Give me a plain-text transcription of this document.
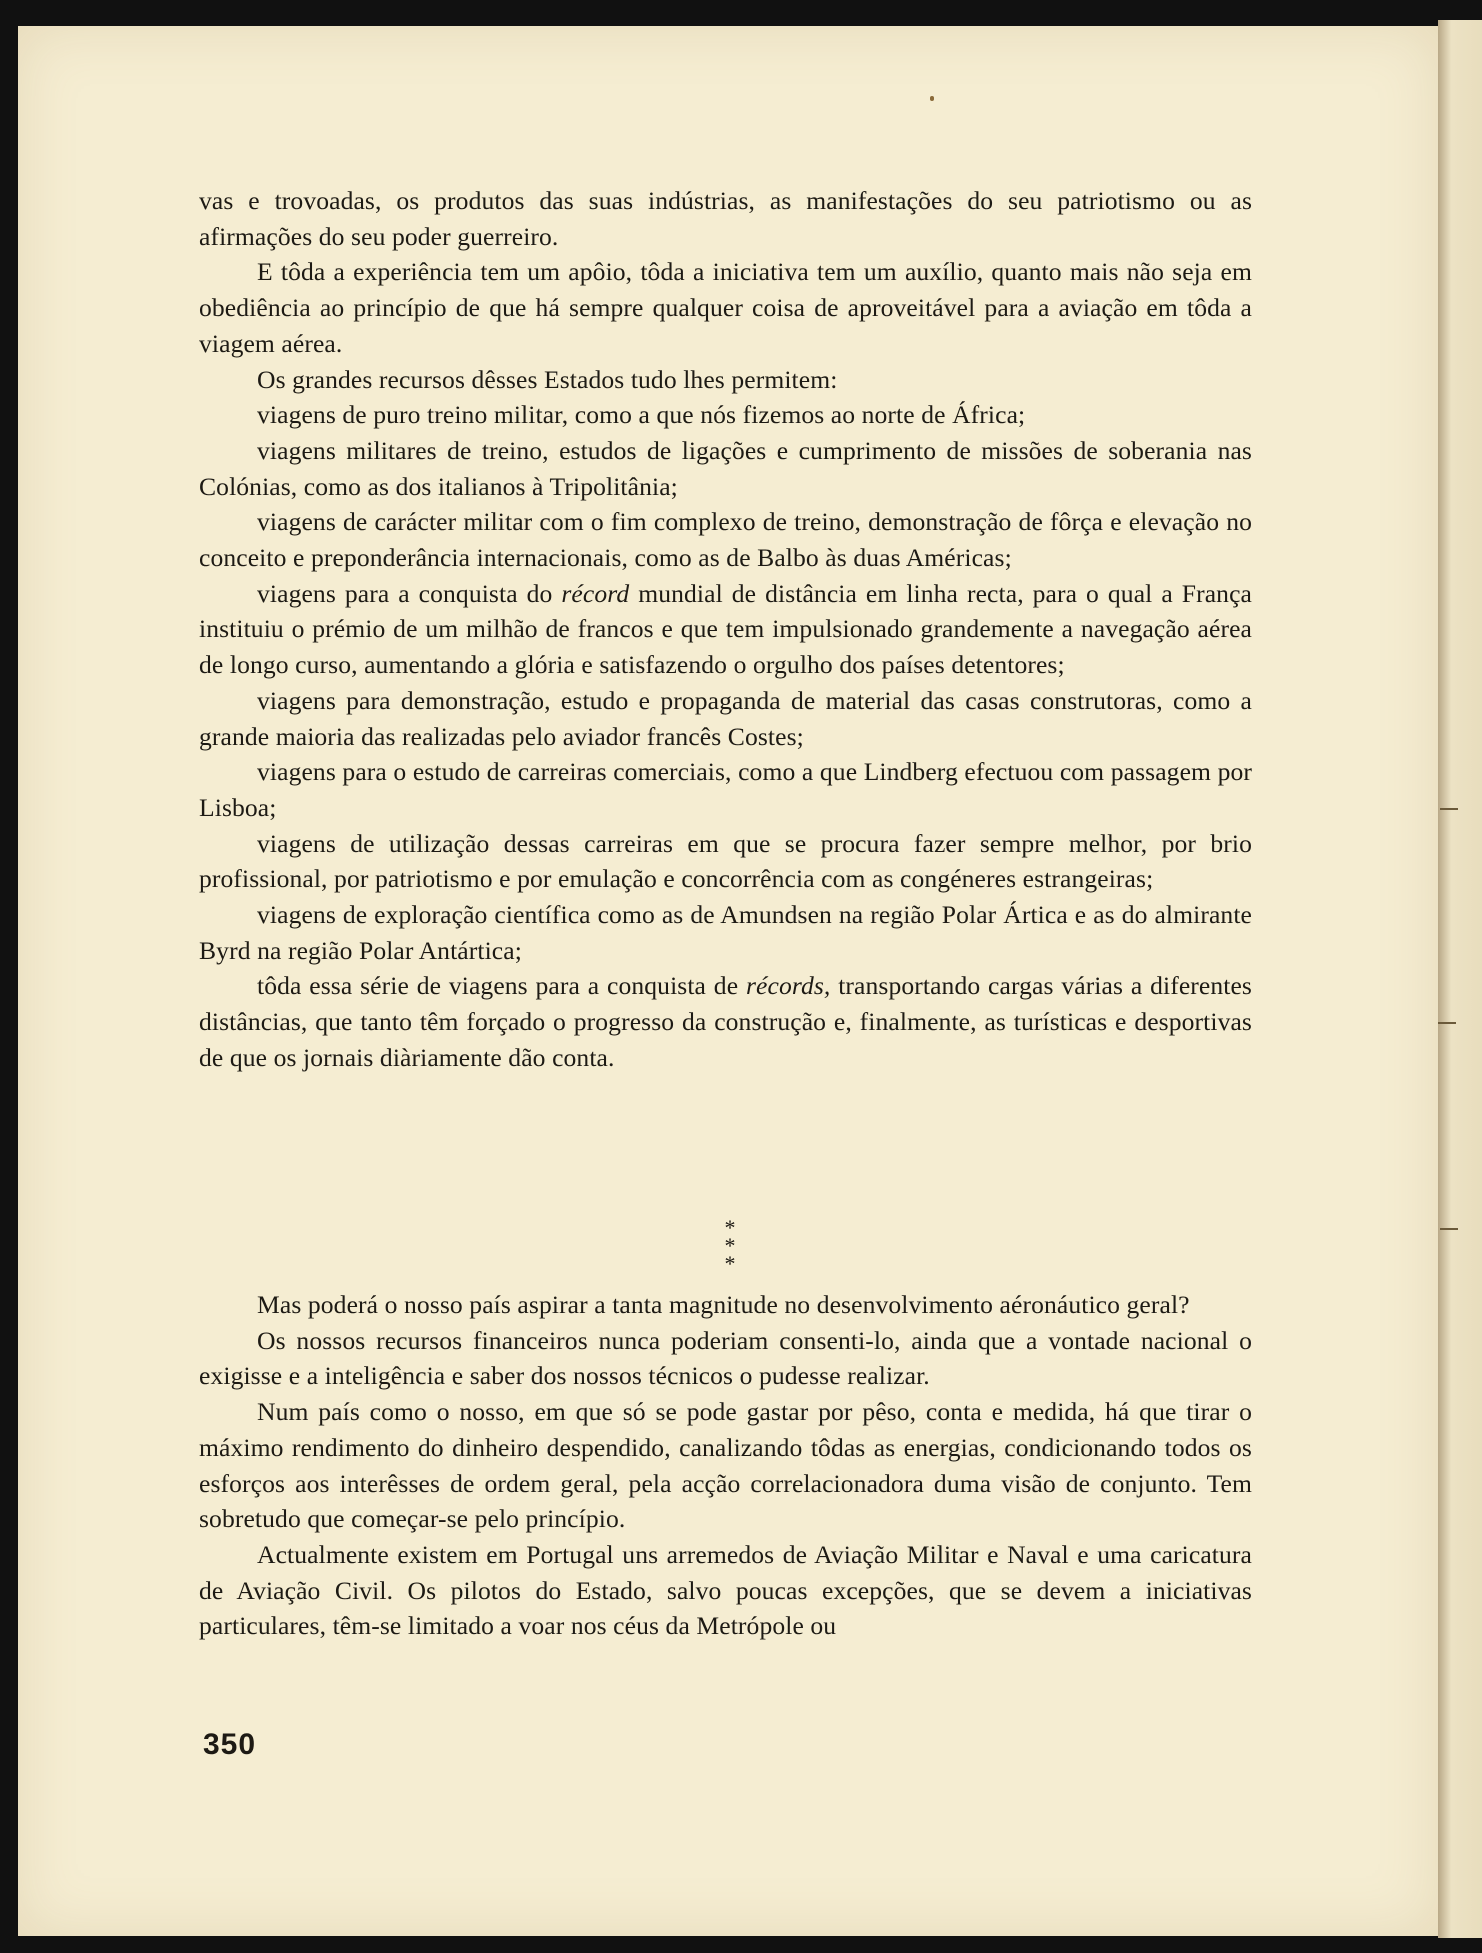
vas e trovoadas, os produtos das suas indústrias, as manifestações do seu patriotismo ou as afirmações do seu poder guerreiro.

E tôda a experiência tem um apôio, tôda a iniciativa tem um auxílio, quanto mais não seja em obediência ao princípio de que há sempre qualquer coisa de aproveitável para a aviação em tôda a viagem aérea.

Os grandes recursos dêsses Estados tudo lhes permitem:

viagens de puro treino militar, como a que nós fizemos ao norte de África;

viagens militares de treino, estudos de ligações e cumprimento de missões de soberania nas Colónias, como as dos italianos à Tripolitânia;

viagens de carácter militar com o fim complexo de treino, demonstração de fôrça e elevação no conceito e preponderância internacionais, como as de Balbo às duas Américas;

viagens para a conquista do récord mundial de distância em linha recta, para o qual a França instituiu o prémio de um milhão de francos e que tem impulsionado grandemente a navegação aérea de longo curso, aumentando a glória e satisfazendo o orgulho dos países detentores;

viagens para demonstração, estudo e propaganda de material das casas construtoras, como a grande maioria das realizadas pelo aviador francês Costes;

viagens para o estudo de carreiras comerciais, como a que Lindberg efectuou com passagem por Lisboa;

viagens de utilização dessas carreiras em que se procura fazer sempre melhor, por brio profissional, por patriotismo e por emulação e concorrência com as congéneres estrangeiras;

viagens de exploração científica como as de Amundsen na região Polar Ártica e as do almirante Byrd na região Polar Antártica;

tôda essa série de viagens para a conquista de récords, transportando cargas várias a diferentes distâncias, que tanto têm forçado o progresso da construção e, finalmente, as turísticas e desportivas de que os jornais diàriamente dão conta.

*
* *

Mas poderá o nosso país aspirar a tanta magnitude no desenvolvimento aéronáutico geral?

Os nossos recursos financeiros nunca poderiam consenti-lo, ainda que a vontade nacional o exigisse e a inteligência e saber dos nossos técnicos o pudesse realizar.

Num país como o nosso, em que só se pode gastar por pêso, conta e medida, há que tirar o máximo rendimento do dinheiro despendido, canalizando tôdas as energias, condicionando todos os esforços aos interêsses de ordem geral, pela acção correlacionadora duma visão de conjunto. Tem sobretudo que começar-se pelo princípio.

Actualmente existem em Portugal uns arremedos de Aviação Militar e Naval e uma caricatura de Aviação Civil. Os pilotos do Estado, salvo poucas excepções, que se devem a iniciativas particulares, têm-se limitado a voar nos céus da Metrópole ou

350
